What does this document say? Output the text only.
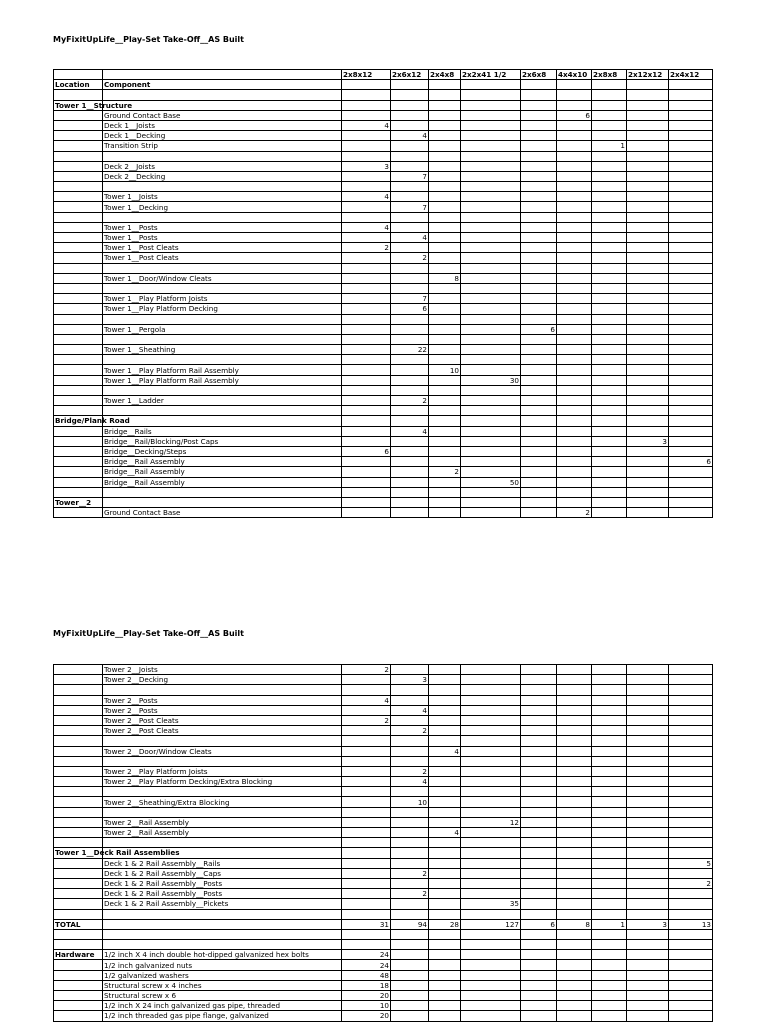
MyFixitUpLife__Play-Set Take-Off__AS Built
		2x8x12	2x6x12	2x4x8	2x2x41 1/2	2x6x8	4x4x10	2x8x8	2x12x12	2x4x12
Location	Component									

Tower 1__Structure										
	Ground Contact Base						6			
	Deck 1__Joists	4								
	Deck 1__Decking		4							
	Transition Strip							1		

	Deck 2__Joists	3								
	Deck 2__Decking		7							

	Tower 1__Joists	4								
	Tower 1__Decking		7							

	Tower 1__Posts	4								
	Tower 1__Posts		4							
	Tower 1__Post Cleats	2								
	Tower 1__Post Cleats		2							

	Tower 1__Door/Window Cleats			8						

	Tower 1__Play Platform Joists		7							
	Tower 1__Play Platform Decking		6							

	Tower 1__Pergola					6				

	Tower 1__Sheathing		22							

	Tower 1__Play Platform Rail Assembly			10						
	Tower 1__Play Platform Rail Assembly				30					

	Tower 1__Ladder		2							

Bridge/Plank Road										
	Bridge__Rails		4							
	Bridge__Rail/Blocking/Post Caps								3	
	Bridge__Decking/Steps	6								
	Bridge__Rail Assembly									6
	Bridge__Rail Assembly			2						
	Bridge__Rail Assembly				50					

Tower__2										
	Ground Contact Base						2			
MyFixitUpLife__Play-Set Take-Off__AS Built
	Tower 2__Joists	2								
	Tower 2__Decking		3							

	Tower 2__Posts	4								
	Tower 2__Posts		4							
	Tower 2__Post Cleats	2								
	Tower 2__Post Cleats		2							

	Tower 2__Door/Window Cleats			4						

	Tower 2__Play Platform Joists		2							
	Tower 2__Play Platform Decking/Extra Blocking		4							

	Tower 2__Sheathing/Extra Blocking		10							

	Tower 2__Rail Assembly				12					
	Tower 2__Rail Assembly			4						

Tower 1__Deck Rail Assemblies										
	Deck 1 & 2 Rail Assembly__Rails									5
	Deck 1 & 2 Rail Assembly__Caps		2							
	Deck 1 & 2 Rail Assembly__Posts									2
	Deck 1 & 2 Rail Assembly__Posts		2							
	Deck 1 & 2 Rail Assembly__Pickets				35					

TOTAL		31	94	28	127	6	8	1	3	13

Hardware	1/2 inch X 4 inch double hot-dipped galvanized hex bolts	24								
	1/2 inch galvanized nuts	24								
	1/2 galvanized washers	48								
	Structural screw x 4 inches	18								
	Structural screw x 6	20								
	1/2 inch X 24 inch galvanized gas pipe, threaded	10								
	1/2 inch threaded gas pipe flange, galvanized	20								
